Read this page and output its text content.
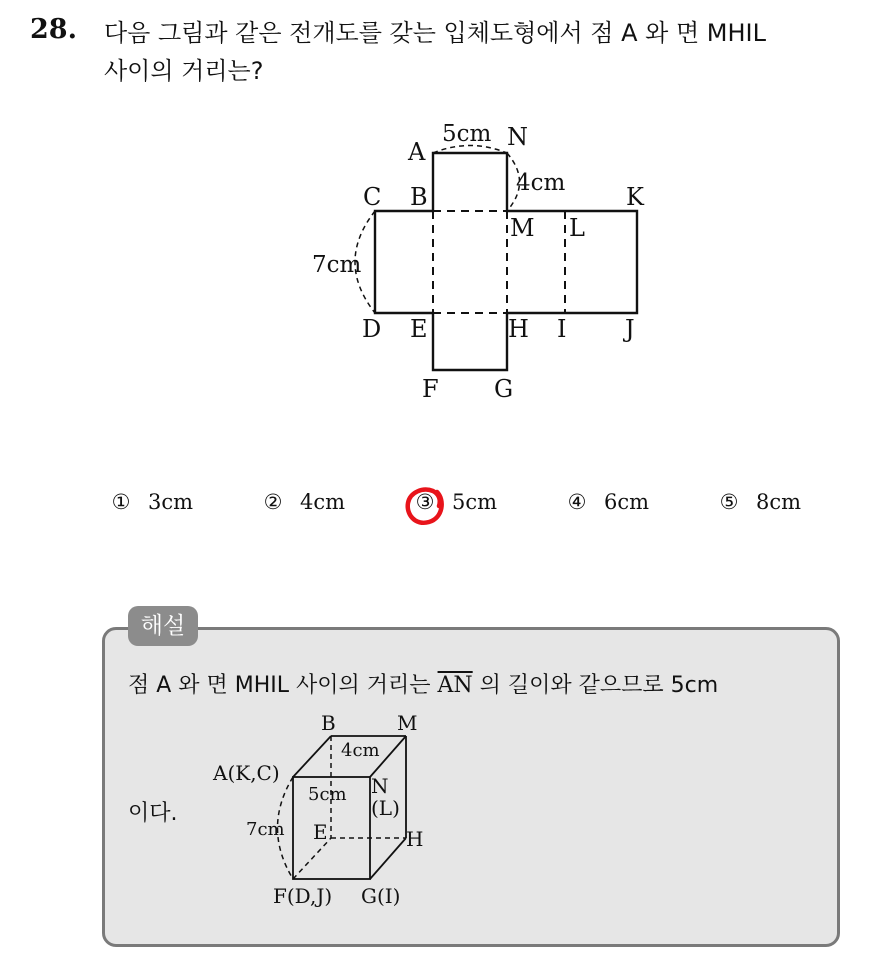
28. 다음 그림과 같은 전개도를 갖는 입체도형에서 점 A 와 면 MHIL
사이의 거리는?
A
N
C B	K
M L
D E	H I J
F G
5cm
4cm
7cm
① 3cm	② 4cm	③ 5cm	④ 6cm	⑤ 8cm
해설
점 A 와 면 MHIL 사이의 거리는 $\overline{AN}$ 의 길이와 같으므로 5cm
이다.
B	M
A(K,C)
N
(L)
E	H
F(D,J) G(I)
4cm
5cm
7cm
